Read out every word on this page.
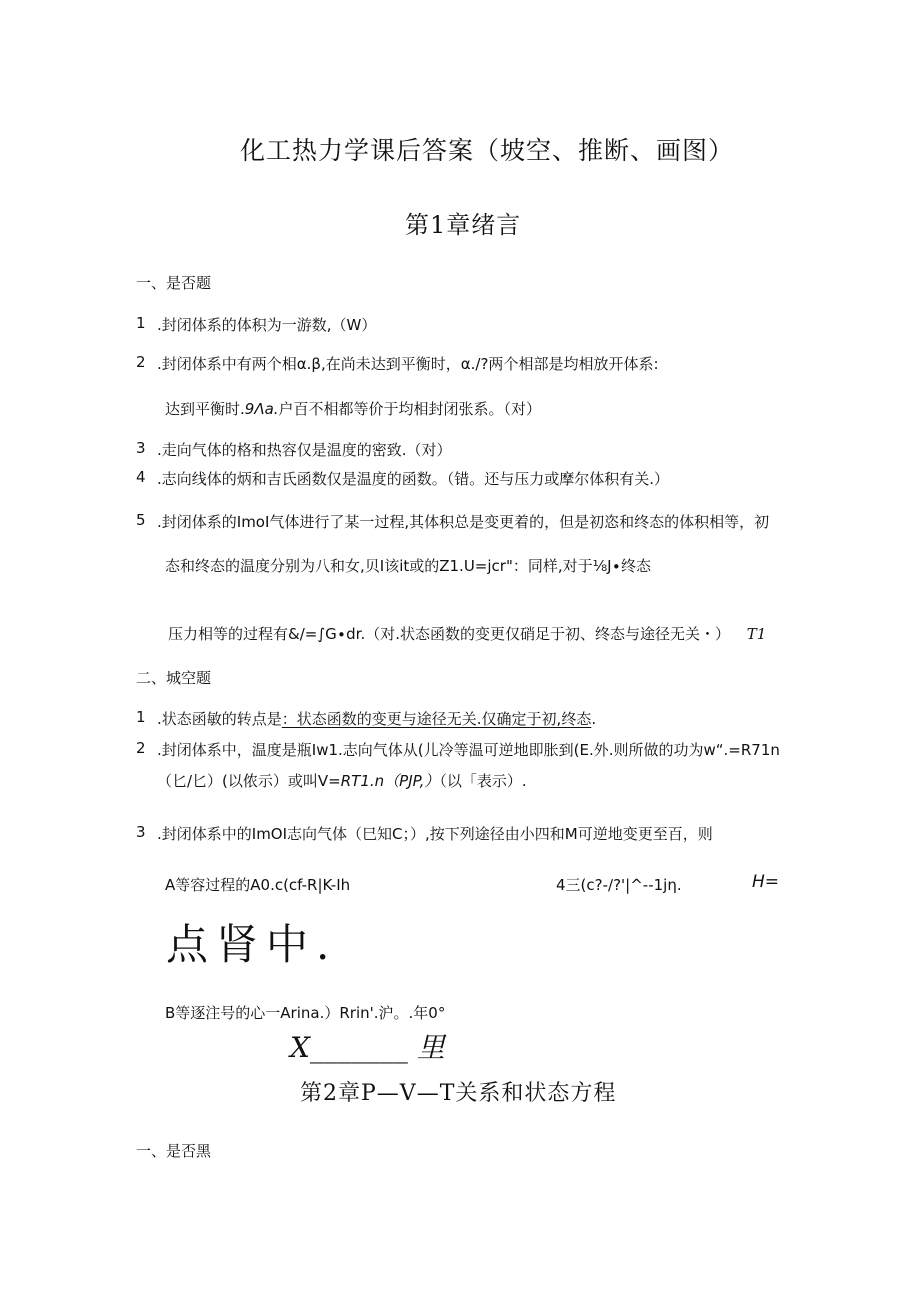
化工热力学课后答案（坡空、推断、画图）
第1章绪言
一、是否题
1 .封闭体系的体积为一游数,（W）
2 .封闭体系中有两个相α.β,在尚未达到平衡时，α./?两个相部是均相放开体系:
达到平衡时.9Λa.户百不相都等价于均相封闭张系。（对）
3 .走向气体的格和热容仅是温度的密致.（对）
4 .志向线体的炳和吉氏函数仅是温度的函数。（错。还与压力或摩尔体积有关.）
5 .封闭体系的ImoI气体进行了某一过程,其体积总是变更着的，但是初恣和终态的体积相等，初
态和终态的温度分别为八和女,贝I该it或的Z1.U=jcr"：同样,对于⅛J∙终态
压力相等的过程有&/=∫G∙dr.（对.状态函数的变更仅硝足于初、终态与途径无关・） T1
二、城空题
1 .状态函敏的转点是：状态函数的变更与途径无关.仅确定于初,终态.
2 .封闭体系中，温度是瓶Iw1.志向气体从(儿冷等温可逆地即胀到(E.外.则所做的功为w“.=R71n
（匕/匕）(以侬示）或叫V=RT1.n（PJP,）（以「表示）.
3 .封闭体系中的ImOI志向气体（巳知C；）,按下列途径由小四和M可逆地变更至百，则
A等容过程的A0.c(cf-R|K-Ih	4三(c?-∕?'|^--1jη.	H=
点肾中.
B等逐注号的心一Arina.）Rrin'.沪。.年0°
X_______ 里
第2章P—V—T关系和状态方程
一、是否黑
